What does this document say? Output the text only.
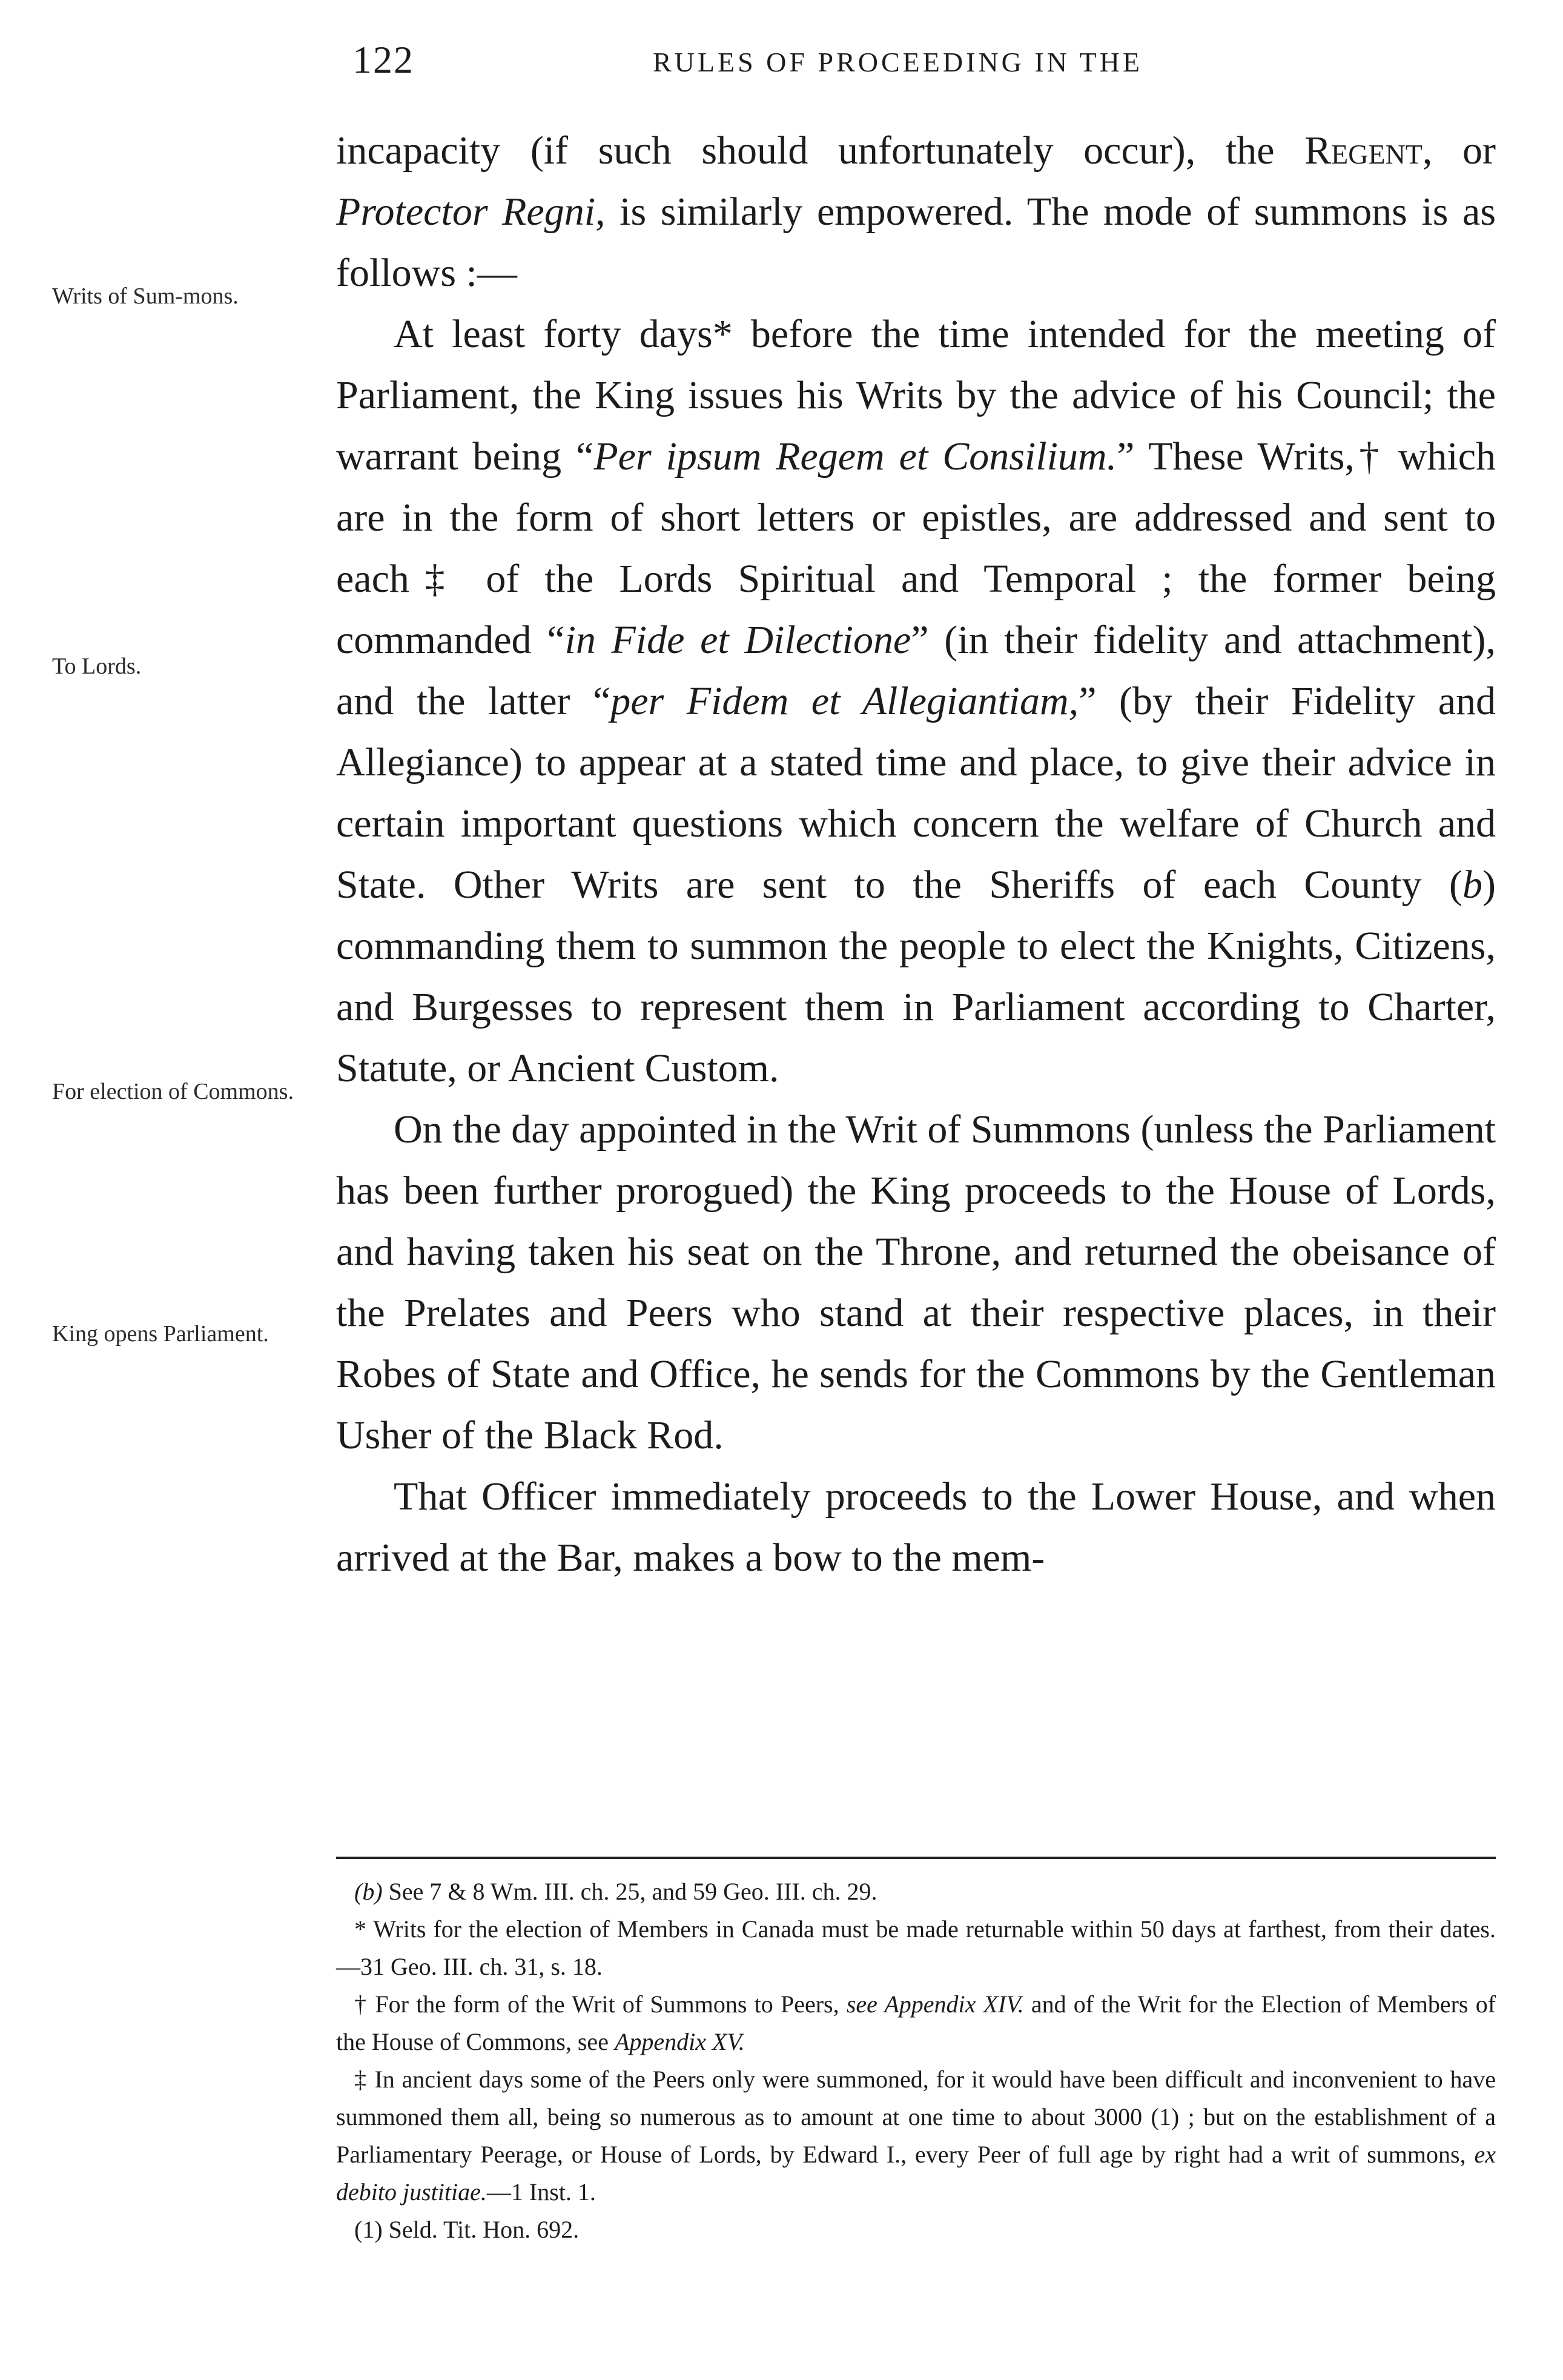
122	RULES OF PROCEEDING IN THE
Writs of Sum-mons.
To Lords.
For election of Commons.
King opens Parliament.

incapacity (if such should unfortunately occur), the Regent, or Protector Regni, is similarly empowered. The mode of summons is as follows :—

At least forty days* before the time intended for the meeting of Parliament, the King issues his Writs by the advice of his Council; the warrant being “Per ipsum Regem et Consilium.” These Writs,† which are in the form of short letters or epistles, are addressed and sent to each‡ of the Lords Spiritual and Temporal ; the former being commanded “in Fide et Dilectione” (in their fidelity and attachment), and the latter “per Fidem et Allegiantiam,” (by their Fidelity and Allegiance) to appear at a stated time and place, to give their advice in certain important questions which concern the welfare of Church and State. Other Writs are sent to the Sheriffs of each County (b) commanding them to summon the people to elect the Knights, Citizens, and Burgesses to represent them in Parliament according to Charter, Statute, or Ancient Custom.

On the day appointed in the Writ of Summons (unless the Parliament has been further prorogued) the King proceeds to the House of Lords, and having taken his seat on the Throne, and returned the obeisance of the Prelates and Peers who stand at their respective places, in their Robes of State and Office, he sends for the Commons by the Gentleman Usher of the Black Rod.

That Officer immediately proceeds to the Lower House, and when arrived at the Bar, makes a bow to the mem-

(b) See 7 & 8 Wm. III. ch. 25, and 59 Geo. III. ch. 29.

* Writs for the election of Members in Canada must be made returnable within 50 days at farthest, from their dates.—31 Geo. III. ch. 31, s. 18.

† For the form of the Writ of Summons to Peers, see Appendix XIV. and of the Writ for the Election of Members of the House of Commons, see Appendix XV.

‡ In ancient days some of the Peers only were summoned, for it would have been difficult and inconvenient to have summoned them all, being so numerous as to amount at one time to about 3000 (1) ; but on the establishment of a Parliamentary Peerage, or House of Lords, by Edward I., every Peer of full age by right had a writ of summons, ex debito justitiae.—1 Inst. 1.

(1) Seld. Tit. Hon. 692.
